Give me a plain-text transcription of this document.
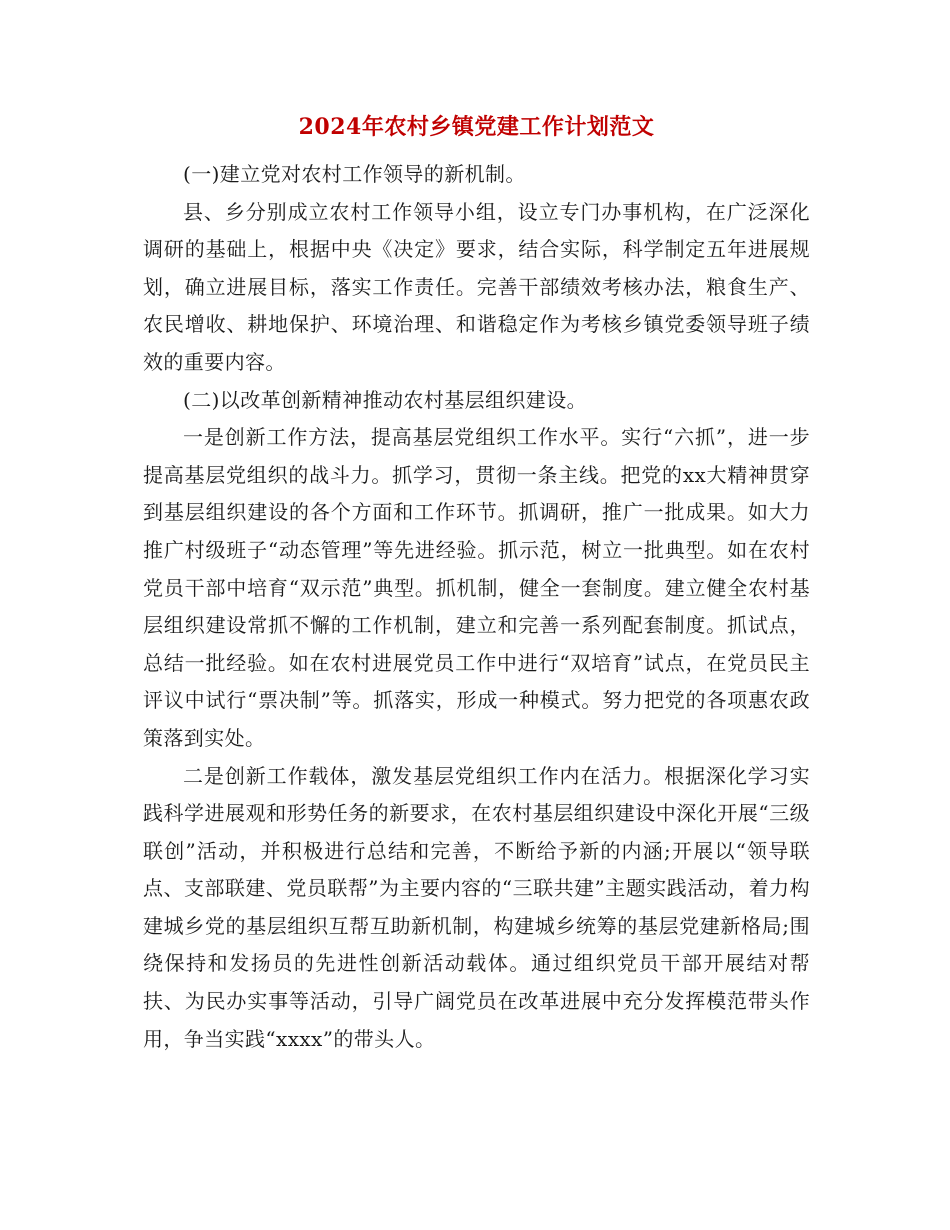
2024年农村乡镇党建工作计划范文

(一)建立党对农村工作领导的新机制。

县、乡分别成立农村工作领导小组，设立专门办事机构，在广泛深化调研的基础上，根据中央《决定》要求，结合实际，科学制定五年进展规划，确立进展目标，落实工作责任。完善干部绩效考核办法，粮食生产、农民增收、耕地保护、环境治理、和谐稳定作为考核乡镇党委领导班子绩效的重要内容。

(二)以改革创新精神推动农村基层组织建设。

一是创新工作方法，提高基层党组织工作水平。实行“六抓”，进一步提高基层党组织的战斗力。抓学习，贯彻一条主线。把党的xx大精神贯穿到基层组织建设的各个方面和工作环节。抓调研，推广一批成果。如大力推广村级班子“动态管理”等先进经验。抓示范，树立一批典型。如在农村党员干部中培育“双示范”典型。抓机制，健全一套制度。建立健全农村基层组织建设常抓不懈的工作机制，建立和完善一系列配套制度。抓试点，总结一批经验。如在农村进展党员工作中进行“双培育”试点，在党员民主评议中试行“票决制”等。抓落实，形成一种模式。努力把党的各项惠农政策落到实处。

二是创新工作载体，激发基层党组织工作内在活力。根据深化学习实践科学进展观和形势任务的新要求，在农村基层组织建设中深化开展“三级联创”活动，并积极进行总结和完善，不断给予新的内涵;开展以“领导联点、支部联建、党员联帮”为主要内容的“三联共建”主题实践活动，着力构建城乡党的基层组织互帮互助新机制，构建城乡统筹的基层党建新格局;围绕保持和发扬员的先进性创新活动载体。通过组织党员干部开展结对帮扶、为民办实事等活动，引导广阔党员在改革进展中充分发挥模范带头作用，争当实践“xxxx”的带头人。
